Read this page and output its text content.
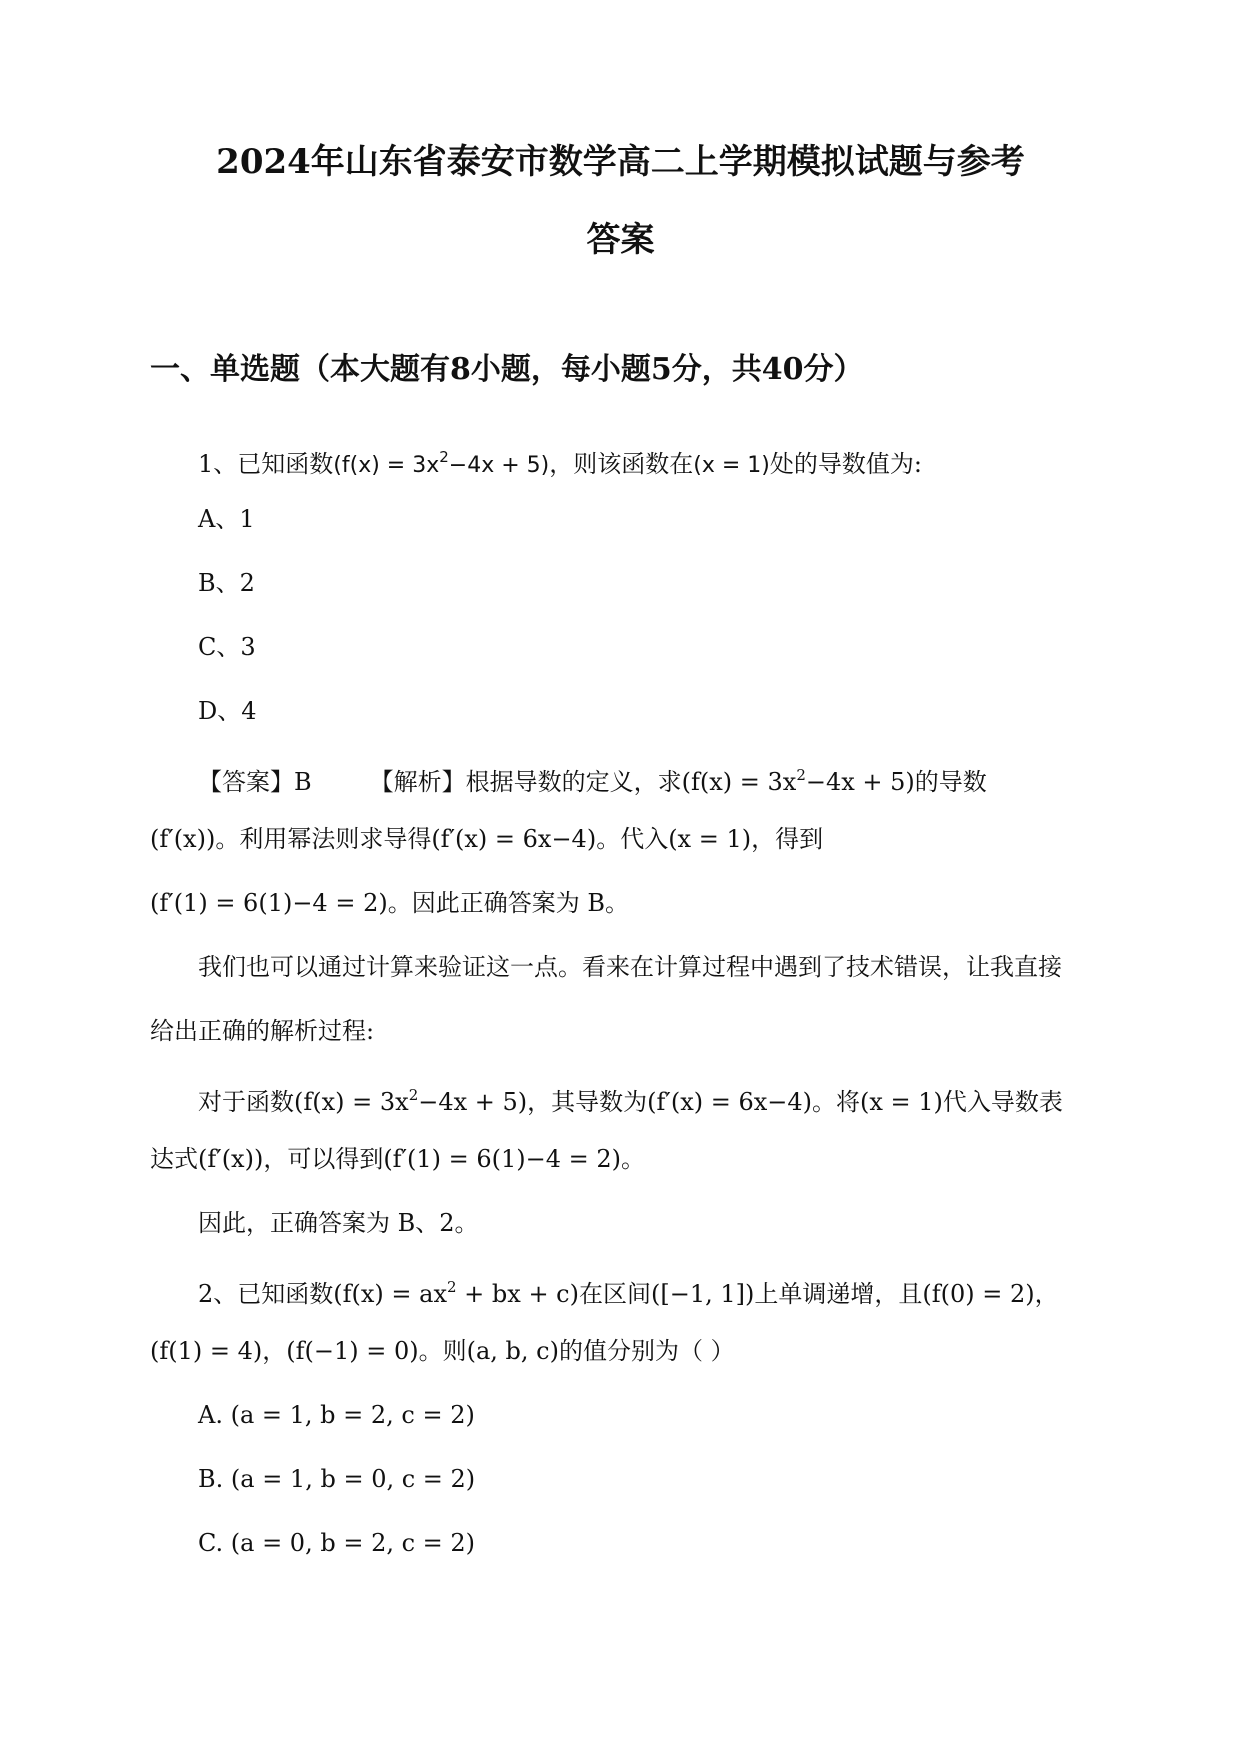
2024年山东省泰安市数学高二上学期模拟试题与参考
答案
一、单选题（本大题有8小题，每小题5分，共40分）
1、已知函数$(f(x) = 3x^2-4x + 5)$，则该函数在(x = 1)处的导数值为:
A、1
B、2
C、3
D、4
【答案】B 【解析】根据导数的定义，求$(f(x) = 3x^2-4x + 5)$的导数
(f′(x))。利用幂法则求导得(f′(x) = 6x−4)。代入(x = 1)，得到
(f′(1) = 6(1)−4 = 2)。因此正确答案为 B。
我们也可以通过计算来验证这一点。看来在计算过程中遇到了技术错误，让我直接
给出正确的解析过程:
对于函数$(f(x) = 3x^2-4x + 5)$，其导数为(f′(x) = 6x−4)。将(x = 1)代入导数表
达式(f′(x))，可以得到(f′(1) = 6(1)−4 = 2)。
因此，正确答案为 B、2。
2、已知函数($f(x) = ax^2$ + bx + c)在区间([−1, 1])上单调递增，且(f(0) = 2)，
(f(1) = 4)，(f(−1) = 0)。则(a, b, c)的值分别为（ ）
A. (a = 1, b = 2, c = 2)
B. (a = 1, b = 0, c = 2)
C. (a = 0, b = 2, c = 2)
